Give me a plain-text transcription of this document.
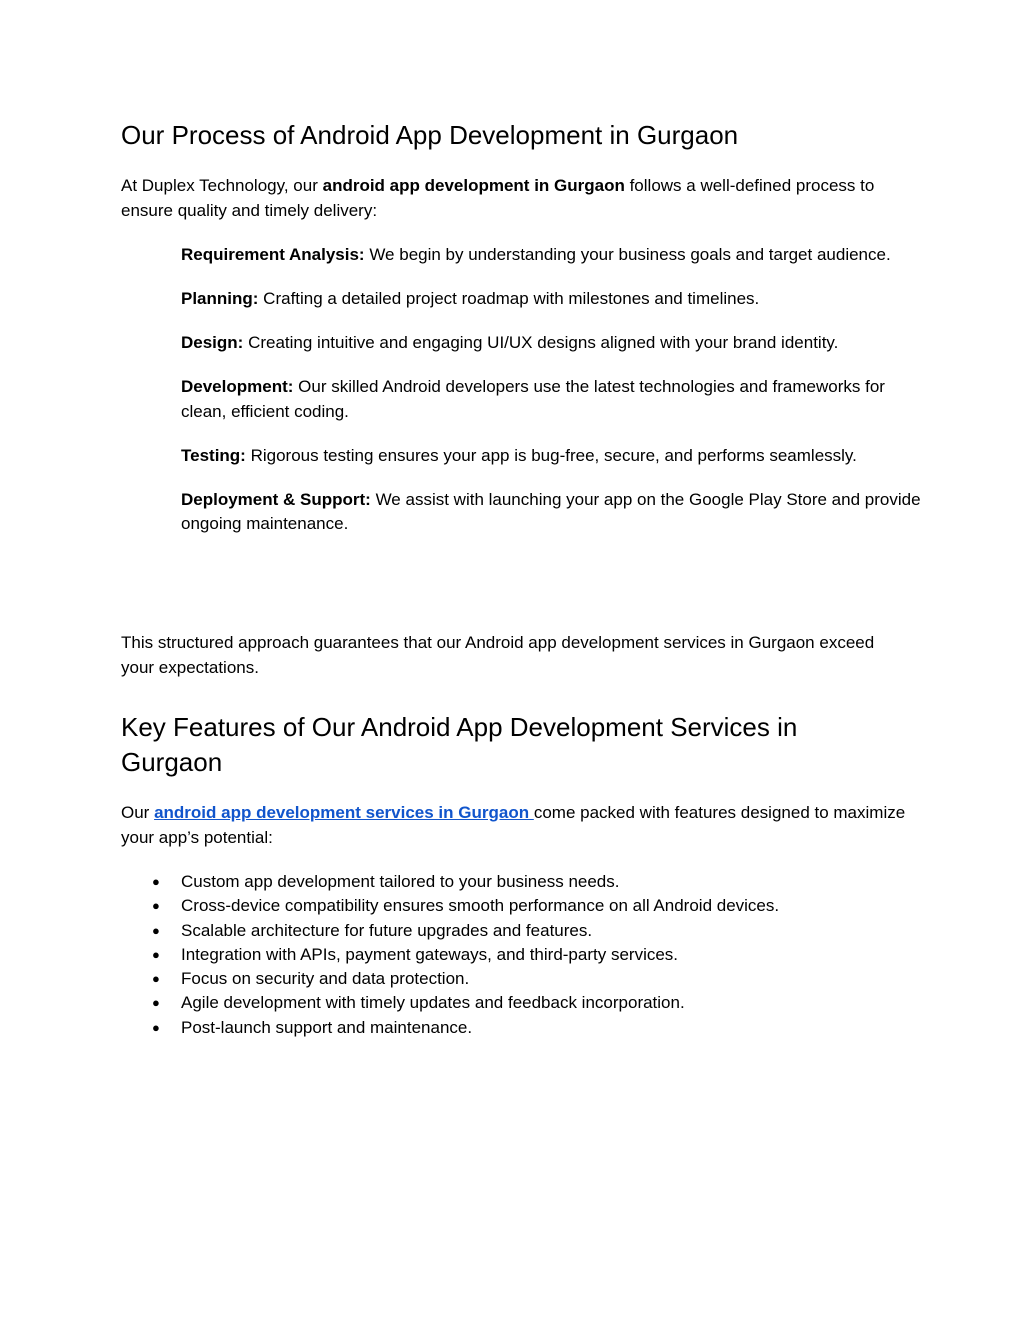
Our Process of Android App Development in Gurgaon

At Duplex Technology, our android app development in Gurgaon follows a well-defined process to ensure quality and timely delivery:

Requirement Analysis: We begin by understanding your business goals and target audience.

Planning: Crafting a detailed project roadmap with milestones and timelines.

Design: Creating intuitive and engaging UI/UX designs aligned with your brand identity.

Development: Our skilled Android developers use the latest technologies and frameworks for clean, efficient coding.

Testing: Rigorous testing ensures your app is bug-free, secure, and performs seamlessly.

Deployment & Support: We assist with launching your app on the Google Play Store and provide ongoing maintenance.

This structured approach guarantees that our Android app development services in Gurgaon exceed your expectations.

Key Features of Our Android App Development Services in Gurgaon

Our android app development services in Gurgaon come packed with features designed to maximize your app’s potential:

● Custom app development tailored to your business needs.
● Cross-device compatibility ensures smooth performance on all Android devices.
● Scalable architecture for future upgrades and features.
● Integration with APIs, payment gateways, and third-party services.
● Focus on security and data protection.
● Agile development with timely updates and feedback incorporation.
● Post-launch support and maintenance.
